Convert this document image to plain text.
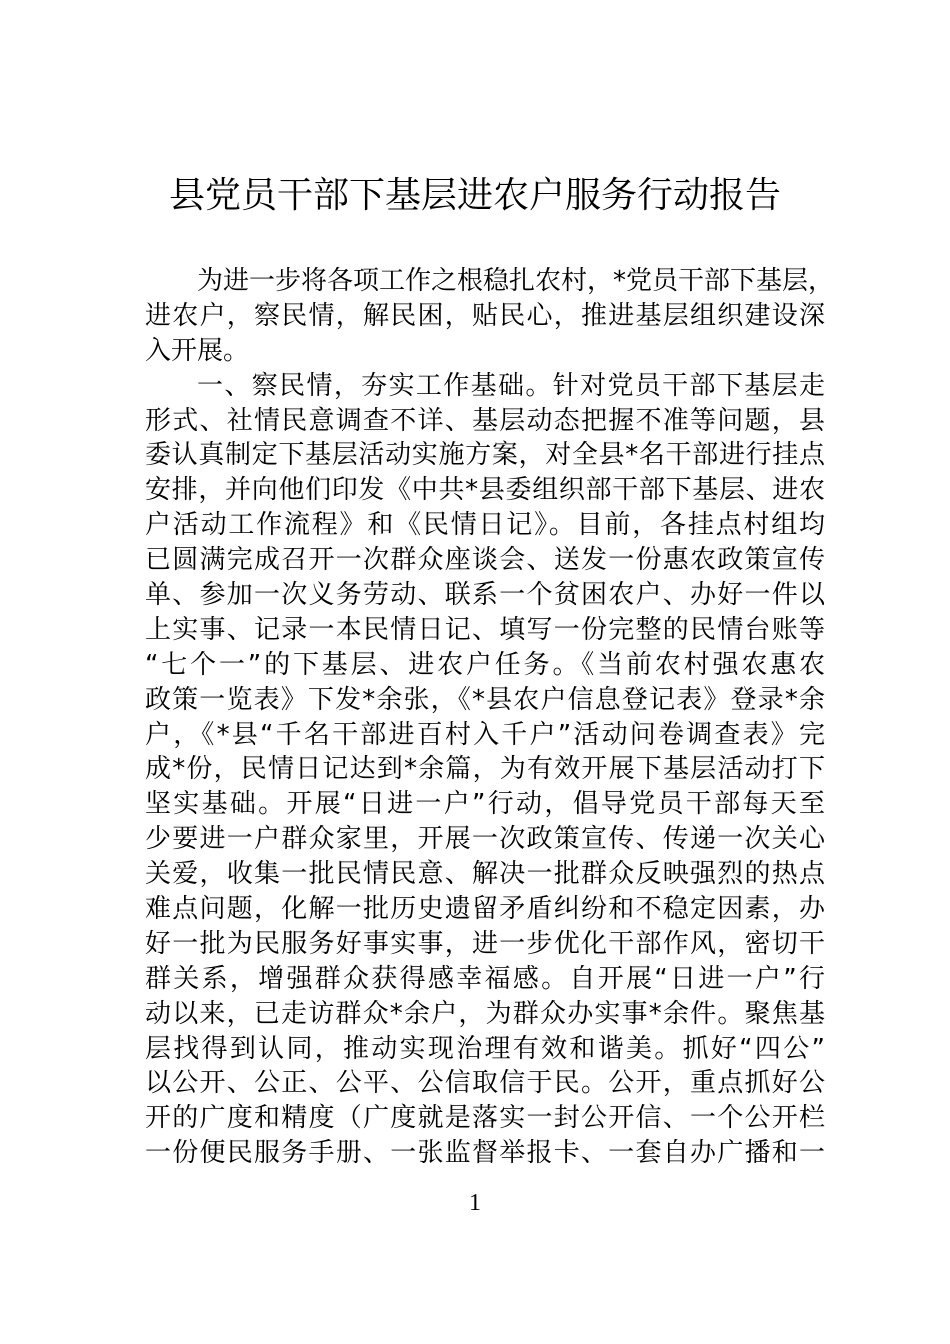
县党员干部下基层进农户服务行动报告
为进一步将各项工作之根稳扎农村，*党员干部下基层，
进农户，察民情，解民困，贴民心，推进基层组织建设深
入开展。
一、察民情，夯实工作基础。针对党员干部下基层走
形式、社情民意调查不详、基层动态把握不准等问题，县
委认真制定下基层活动实施方案，对全县*名干部进行挂点
安排，并向他们印发《中共*县委组织部干部下基层、进农
户活动工作流程》和《民情日记》。目前，各挂点村组均
已圆满完成召开一次群众座谈会、送发一份惠农政策宣传
单、参加一次义务劳动、联系一个贫困农户、办好一件以
上实事、记录一本民情日记、填写一份完整的民情台账等
“七个一”的下基层、进农户任务。《当前农村强农惠农
政策一览表》下发*余张，《*县农户信息登记表》登录*余
户，《*县“千名干部进百村入千户”活动问卷调查表》完
成*份，民情日记达到*余篇，为有效开展下基层活动打下
坚实基础。开展“日进一户”行动，倡导党员干部每天至
少要进一户群众家里，开展一次政策宣传、传递一次关心
关爱，收集一批民情民意、解决一批群众反映强烈的热点
难点问题，化解一批历史遗留矛盾纠纷和不稳定因素，办
好一批为民服务好事实事，进一步优化干部作风，密切干
群关系，增强群众获得感幸福感。自开展“日进一户”行
动以来，已走访群众*余户，为群众办实事*余件。聚焦基
层找得到认同，推动实现治理有效和谐美。抓好“四公”
以公开、公正、公平、公信取信于民。公开，重点抓好公
开的广度和精度（广度就是落实一封公开信、一个公开栏
一份便民服务手册、一张监督举报卡、一套自办广播和一
1
